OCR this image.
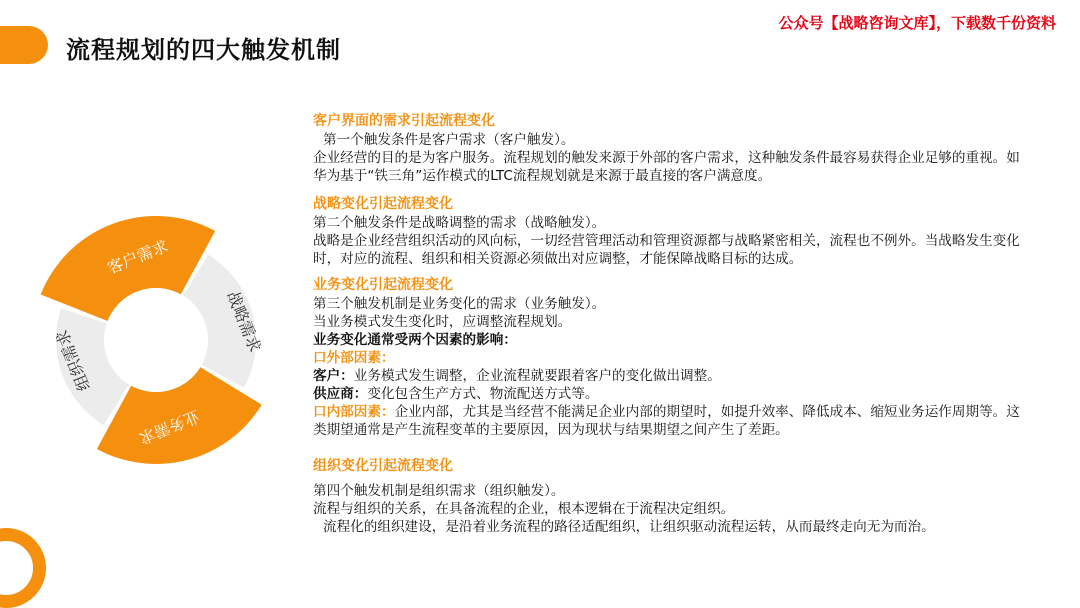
流程规划的四大触发机制
公众号【战略咨询文库】，下载数千份资料
客户需求
战略需求
业务需求
组织需求
客户界面的需求引起流程变化

第一个触发条件是客户需求（客户触发）。

企业经营的目的是为客户服务。流程规划的触发来源于外部的客户需求，这种触发条件最容易获得企业足够的重视。如华为基于“铁三角”运作模式的LTC流程规划就是来源于最直接的客户满意度。

战略变化引起流程变化

第二个触发条件是战略调整的需求（战略触发）。

战略是企业经营组织活动的风向标，一切经营管理活动和管理资源都与战略紧密相关，流程也不例外。当战略发生变化时，对应的流程、组织和相关资源必须做出对应调整，才能保障战略目标的达成。

业务变化引起流程变化

第三个触发机制是业务变化的需求（业务触发）。

当业务模式发生变化时，应调整流程规划。

业务变化通常受两个因素的影响：

口外部因素：

客户：业务模式发生调整，企业流程就要跟着客户的变化做出调整。

供应商：变化包含生产方式、物流配送方式等。

口内部因素：企业内部，尤其是当经营不能满足企业内部的期望时，如提升效率、降低成本、缩短业务运作周期等。这类期望通常是产生流程变革的主要原因，因为现状与结果期望之间产生了差距。

组织变化引起流程变化

第四个触发机制是组织需求（组织触发）。

流程与组织的关系，在具备流程的企业，根本逻辑在于流程决定组织。

流程化的组织建设，是沿着业务流程的路径适配组织，让组织驱动流程运转，从而最终走向无为而治。
